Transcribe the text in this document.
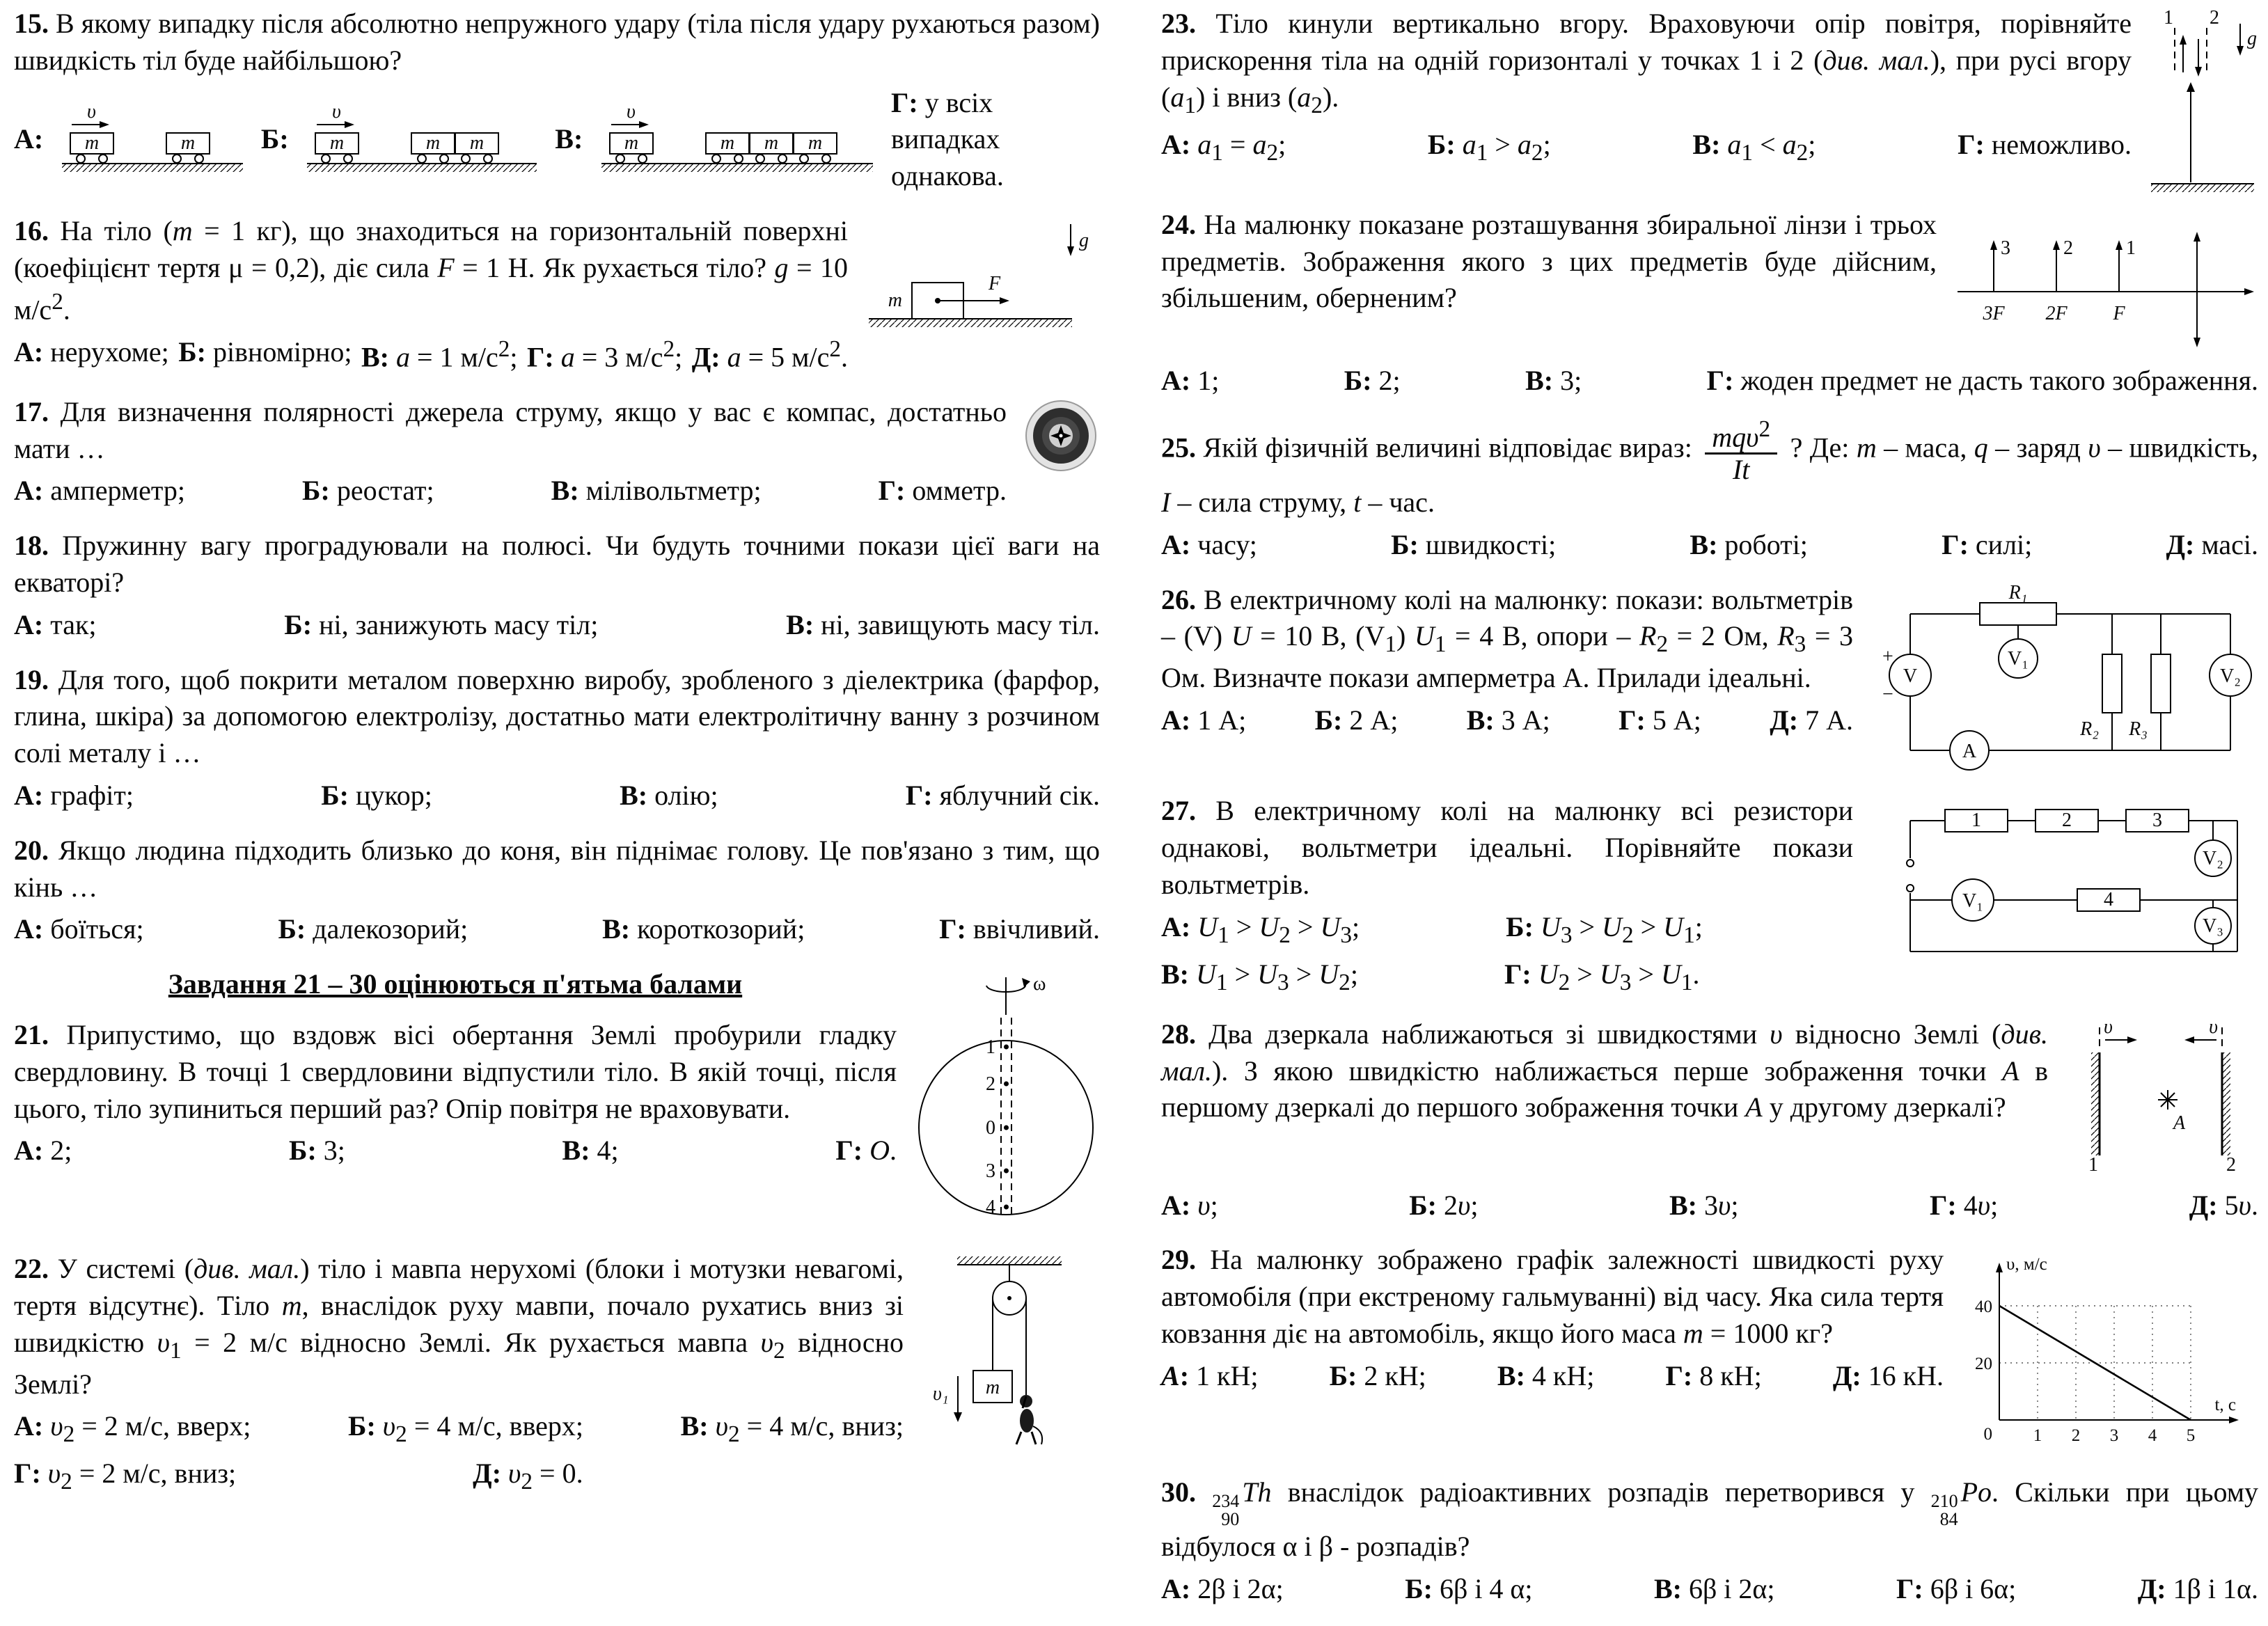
15. В якому випадку після абсолютно непружного удару (тіла після удару рухаються разом) швидкість тіл буде найбільшою?
А:
υ
m	m Б:
υ
m	m m	В:
υ
m	m m m
Г: у всіх випадках однакова.
g
m
F
16. На тіло (m = 1 кг), що знаходиться на горизонтальній поверхні (коефіцієнт тертя μ = 0,2), діє сила F = 1 Н. Як рухається тіло? g = 10 $м/с^2$.
А: нерухоме; Б: рівномірно; В: a = 1 $м/с^2$; Г: a = 3 $м/с^2$; Д: a = 5 $м/с^2$.
17. Для визначення полярності джерела струму, якщо у вас є компас, достатньо мати …
А: амперметр;	Б: реостат;	В: мілівольтметр;	Г: омметр.
18. Пружинну вагу проградуювали на полюсі. Чи будуть точними покази цієї ваги на екваторі?
А: так;	Б: ні, занижують масу тіл;	В: ні, завищують масу тіл.
19. Для того, щоб покрити металом поверхню виробу, зробленого з діелектрика (фарфор, глина, шкіра) за допомогою електролізу, достатньо мати електролітичну ванну з розчином солі металу і …
А: графіт;	Б: цукор;	В: олію;	Г: яблучний сік.
20. Якщо людина підходить близько до коня, він піднімає голову. Це пов'язано з тим, що кінь …
А: боїться;	Б: далекозорий;	В: короткозорий;	Г: ввічливий.
ω
1
2
0
3
4
Завдання 21 – 30 оцінюються п'ятьма балами
21. Припустимо, що вздовж вісі обертання Землі пробурили гладку свердловину. В точці 1 свердловини відпустили тіло. В якій точці, після цього, тіло зупиниться перший раз? Опір повітря не враховувати.
А: 2;	Б: 3;	В: 4;	Г: О.
m
υ₁
22. У системі (див. мал.) тіло і мавпа нерухомі (блоки і мотузки невагомі, тертя відсутнє). Тіло m, внаслідок руху мавпи, почало рухатись вниз зі швидкістю $\upsilon_1 = 2$ м/с відносно Землі. Як рухається мавпа $\upsilon_2$ відносно Землі?
А: $\upsilon_2 = 2$ м/с, вверх;	Б: $\upsilon_2 = 4$ м/с, вверх;	В: $\upsilon_2 = 4$ м/с, вниз;
Г: $\upsilon_2 = 2$ м/с, вниз;	Д: $\upsilon_2 = 0$.
1 2
g
23. Тіло кинули вертикально вгору. Враховуючи опір повітря, порівняйте прискорення тіла на одній горизонталі у точках 1 і 2 (див. мал.), при русі вгору $(a_1)$ і вниз $(a_2)$.
А: $a_1 = a_2$;	Б: $a_1 > a_2$;	В: $a_1 < a_2$;	Г: неможливо.
3	2	1
3F 2F F
24. На малюнку показане розташування збиральної лінзи і трьох предметів. Зображення якого з цих предметів буде дійсним, збільшеним, оберненим?
А: 1;	Б: 2;	В: 3;	Г: жоден предмет не дасть такого зображення.
25. Якій фізичній величині відповідає вираз: $\frac{mq\upsilon^2}{It}$ ? Де: m – маса, q – заряд υ – швидкість, I – сила струму, t – час.
А: часу;	Б: швидкості;	В: роботі;	Г: силі;	Д: масі.
R₂ R₃
R₁
V₁
V
+
−
V₂
A
26. В електричному колі на малюнку: покази: вольтметрів – (V) U = 10 В, $(V_1) U_1 = 4$ В, опори – $R_2 = 2$ Ом, $R_3 = 3$ Ом. Визначте покази амперметра А. Прилади ідеальні.
А: 1 А; Б: 2 А; В: 3 А; Г: 5 А; Д: 7 А.
1	2	3
V₁	4
V₂
V₃
27. В електричному колі на малюнку всі резистори однакові, вольтметри ідеальні. Порівняйте покази вольтметрів.
А: $U_1 > U_2 > U_3$;	Б: $U_3 > U_2 > U_1$;
В: $U_1 > U_3 > U_2$;	Г: $U_2 > U_3 > U_1$.
υ	υ
A
1	2
28. Два дзеркала наближаються зі швидкостями υ відносно Землі (див. мал.). З якою швидкістю наближається перше зображення точки А в першому дзеркалі до першого зображення точки А у другому дзеркалі?
А: υ;	Б: 2υ;	В: 3υ;	Г: 4υ;	Д: 5υ.
υ, м/с
t, c
40
20
0 1 2 3 4 5
29. На малюнку зображено графік залежності швидкості руху автомобіля (при екстреному гальмуванні) від часу. Яка сила тертя ковзання діє на автомобіль, якщо його маса m = 1000 кг?
А: 1 кН;	Б: 2 кН;	В: 4 кН;	Г: 8 кН;	Д: 16 кН.
30. 234
90
Th внаслідок радіоактивних розпадів перетворився у 210
84
Po. Скільки при цьому відбулося α і β - розпадів?
А: 2β і 2α;	Б: 6β і 4 α;	В: 6β і 2α;	Г: 6β і 6α;	Д: 1β і 1α.
